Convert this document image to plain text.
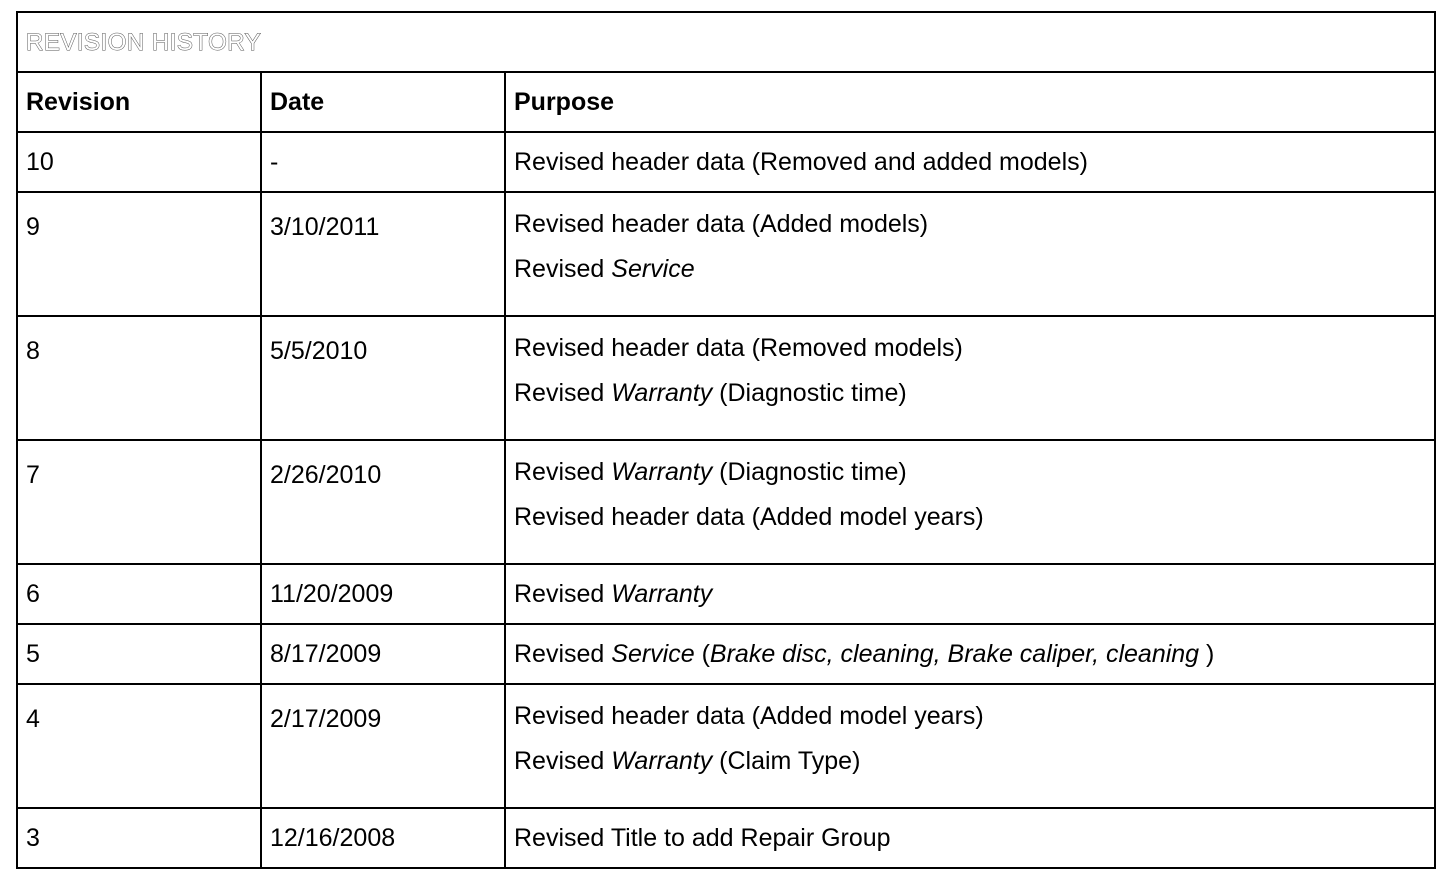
REVISION HISTORY		
Revision	Date	Purpose
10	-	Revised header data (Removed and added models)

9	3/10/2011	Revised header data (Added models)
Revised Service

8	5/5/2010	Revised header data (Removed models)
Revised Warranty (Diagnostic time)

7	2/26/2010	Revised Warranty (Diagnostic time)
Revised header data (Added model years)

6	11/20/2009	Revised Warranty

5	8/17/2009	Revised Service (Brake disc, cleaning, Brake caliper, cleaning )

4	2/17/2009	Revised header data (Added model years)
Revised Warranty (Claim Type)

3	12/16/2008	Revised Title to add Repair Group
